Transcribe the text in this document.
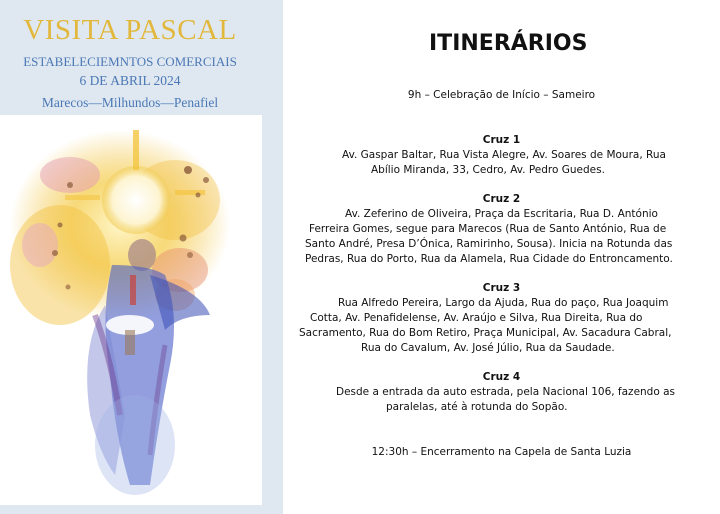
VISITA PASCAL
ESTABELECIEMNTOS COMERCIAIS
6 DE ABRIL 2024
Marecos—Milhundos—Penafiel
ITINERÁRIOS
9h – Celebração de Início – Sameiro
Cruz 1
Av. Gaspar Baltar, Rua Vista Alegre, Av. Soares de Moura, Rua
Abílio Miranda, 33, Cedro, Av. Pedro Guedes.
Cruz 2
Av. Zeferino de Oliveira, Praça da Escritaria, Rua D. António
Ferreira Gomes, segue para Marecos (Rua de Santo António, Rua de
Santo André, Presa D’Ónica, Ramirinho, Sousa). Inicia na Rotunda das
Pedras, Rua do Porto, Rua da Alamela, Rua Cidade do Entroncamento.
Cruz 3
Rua Alfredo Pereira, Largo da Ajuda, Rua do paço, Rua Joaquim
Cotta, Av. Penafidelense, Av. Araújo e Silva, Rua Direita, Rua do
Sacramento, Rua do Bom Retiro, Praça Municipal, Av. Sacadura Cabral,
Rua do Cavalum, Av. José Júlio, Rua da Saudade.
Cruz 4
Desde a entrada da auto estrada, pela Nacional 106, fazendo as
paralelas, até à rotunda do Sopão.
12:30h – Encerramento na Capela de Santa Luzia
